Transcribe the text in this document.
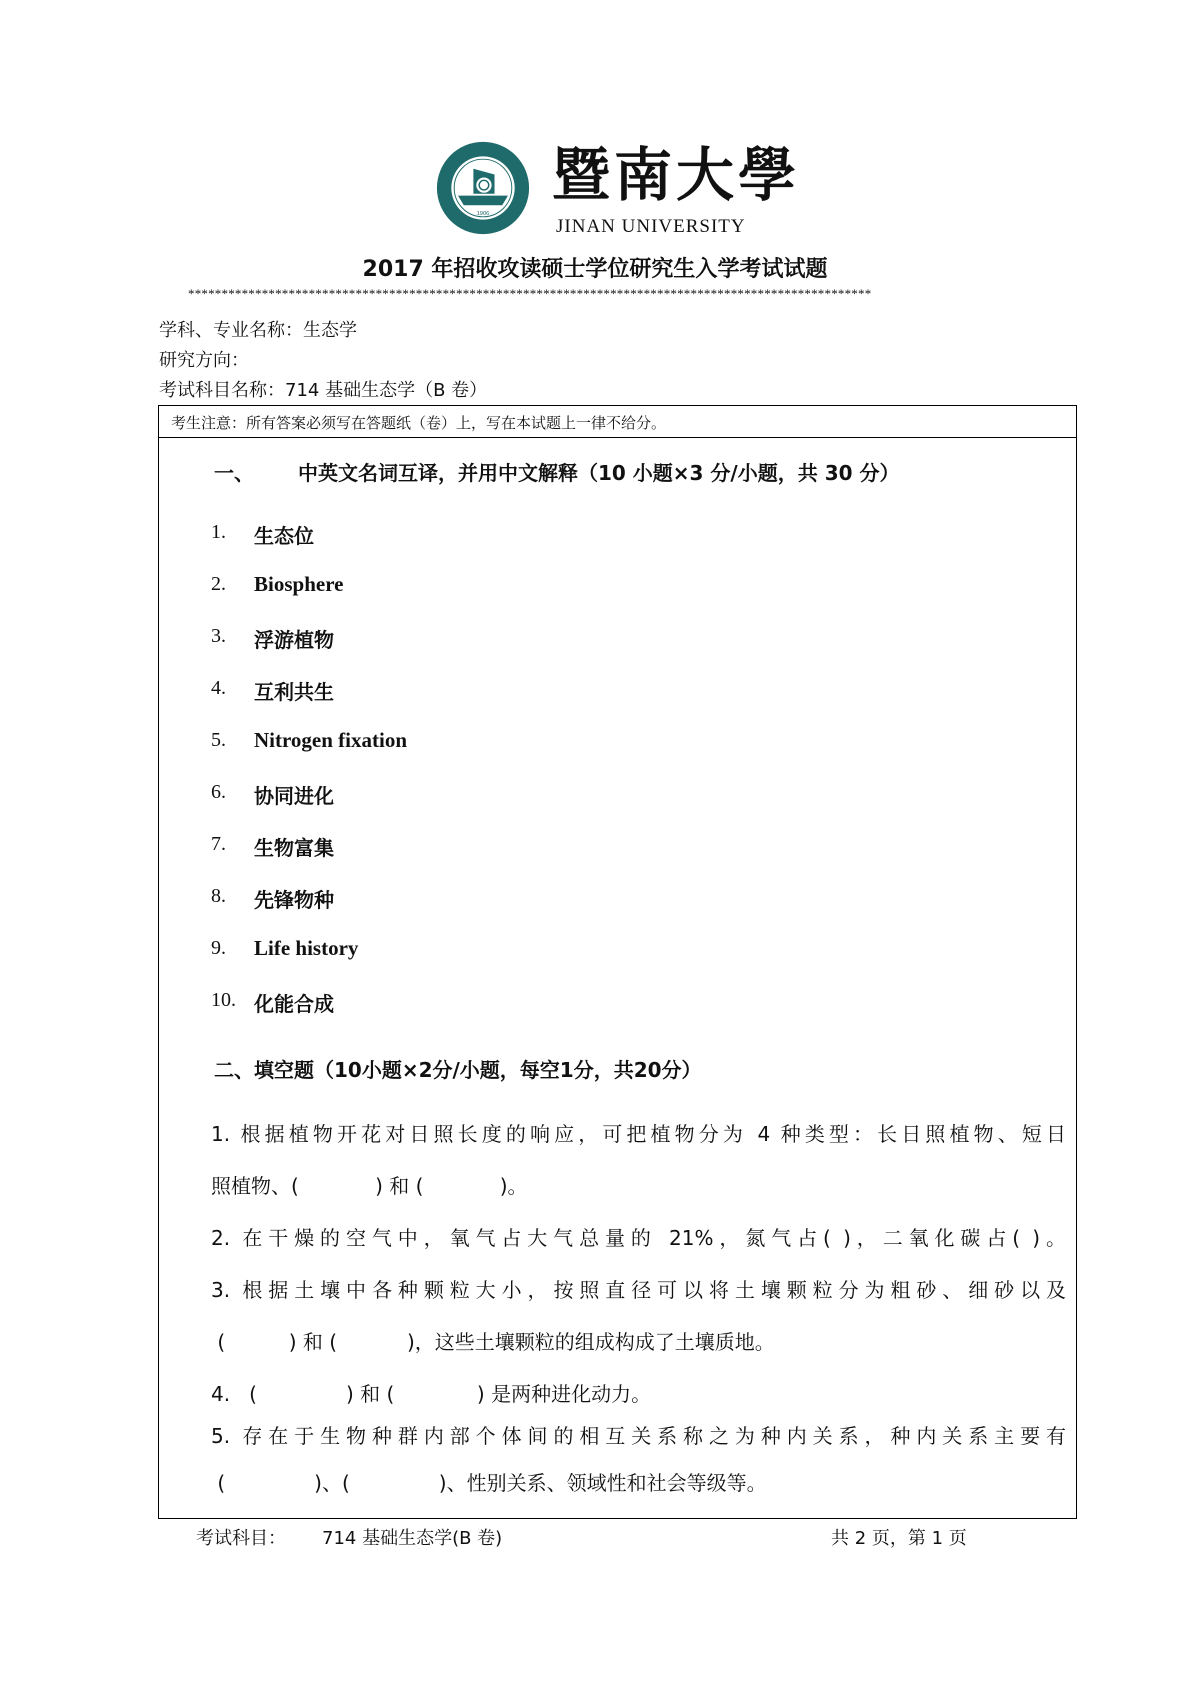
1906
暨南大學
JINAN UNIVERSITY
2017 年招收攻读硕士学位研究生入学考试试题
******************************************************************************************************
学科、专业名称：生态学
研究方向：
考试科目名称：714 基础生态学（B 卷）
考生注意：所有答案必须写在答题纸（卷）上，写在本试题上一律不给分。
一、 中英文名词互译，并用中文解释（10 小题×3 分/小题，共 30 分）
1. 生态位
2. Biosphere
3. 浮游植物
4. 互利共生
5. Nitrogen fixation
6. 协同进化
7. 生物富集
8. 先锋物种
9. Life history
10. 化能合成
二、填空题（10小题×2分/小题，每空1分，共20分）
1. 根据植物开花对日照长度的响应，可把植物分为 4 种类型：长日照植物、短日
照植物、(            ) 和 (            )。
2. 在干燥的空气中，氧气占大气总量的 21%，氮气占( )，二氧化碳占( )。
3. 根据土壤中各种颗粒大小，按照直径可以将土壤颗粒分为粗砂、细砂以及
(          ) 和 (           )，这些土壤颗粒的组成构成了土壤质地。
4.   (              ) 和 (             ) 是两种进化动力。
5. 存在于生物种群内部个体间的相互关系称之为种内关系，种内关系主要有
(              )、(              )、性别关系、领域性和社会等级等。
考试科目： 714 基础生态学(B 卷)	共 2 页，第 1 页
